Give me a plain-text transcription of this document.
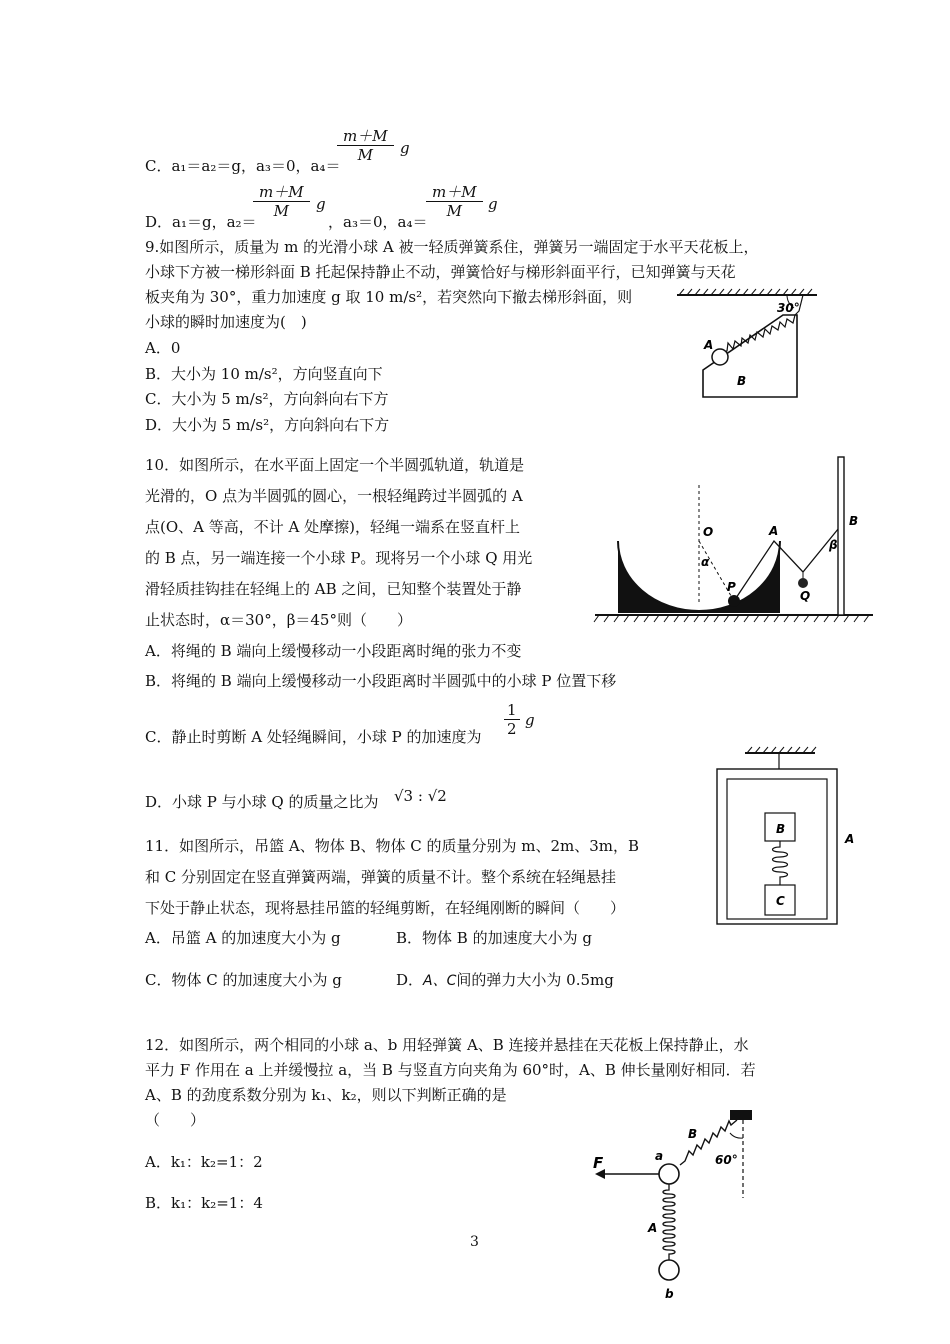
C．a₁＝a₂＝g，a₃＝0，a₄＝
$\frac{m+M}{M}$ g
D．a₁＝g，a₂＝
$\frac{m+M}{M}$ g
，a₃＝0，a₄＝
$\frac{m+M}{M}$ g
9.如图所示，质量为 m 的光滑小球 A 被一轻质弹簧系住，弹簧另一端固定于水平天花板上，
小球下方被一梯形斜面 B 托起保持静止不动，弹簧恰好与梯形斜面平行，已知弹簧与天花
板夹角为 30°，重力加速度 g 取 10 m/s²，若突然向下撤去梯形斜面，则
小球的瞬时加速度为(　)
A．0
B．大小为 10 m/s²，方向竖直向下
C．大小为 5 m/s²，方向斜向右下方
D．大小为 5 m/s²，方向斜向右下方
30°
A
B
10．如图所示，在水平面上固定一个半圆弧轨道，轨道是
光滑的，O 点为半圆弧的圆心，一根轻绳跨过半圆弧的 A
点(O、A 等高，不计 A 处摩擦)，轻绳一端系在竖直杆上
的 B 点，另一端连接一个小球 P。现将另一个小球 Q 用光
滑轻质挂钩挂在轻绳上的 AB 之间，已知整个装置处于静
止状态时，α＝30°，β＝45°则（　　）
A．将绳的 B 端向上缓慢移动一小段距离时绳的张力不变
B．将绳的 B 端向上缓慢移动一小段距离时半圆弧中的小球 P 位置下移
C．静止时剪断 A 处轻绳瞬间，小球 P 的加速度为 $\frac{1}{2}$ g
D．小球 P 与小球 Q 的质量之比为 √3 : √2
O	A
B
P
Q
α
β
11．如图所示，吊篮 A、物体 B、物体 C 的质量分别为 m、2m、3m，B
和 C 分别固定在竖直弹簧两端，弹簧的质量不计。整个系统在轻绳悬挂
下处于静止状态，现将悬挂吊篮的轻绳剪断，在轻绳刚断的瞬间（　　）
A．吊篮 A 的加速度大小为 g	B．物体 B 的加速度大小为 g
C．物体 C 的加速度大小为 g	D．A、C间的弹力大小为 0.5mg
B
C
A
12．如图所示，两个相同的小球 a、b 用轻弹簧 A、B 连接并悬挂在天花板上保持静止，水
平力 F 作用在 a 上并缓慢拉 a，当 B 与竖直方向夹角为 60°时，A、B 伸长量刚好相同．若
A、B 的劲度系数分别为 k₁、k₂，则以下判断正确的是
（　　）
A．k₁：k₂=1：2
B．k₁：k₂=1：4
F	a
B
60°
A
b
3
